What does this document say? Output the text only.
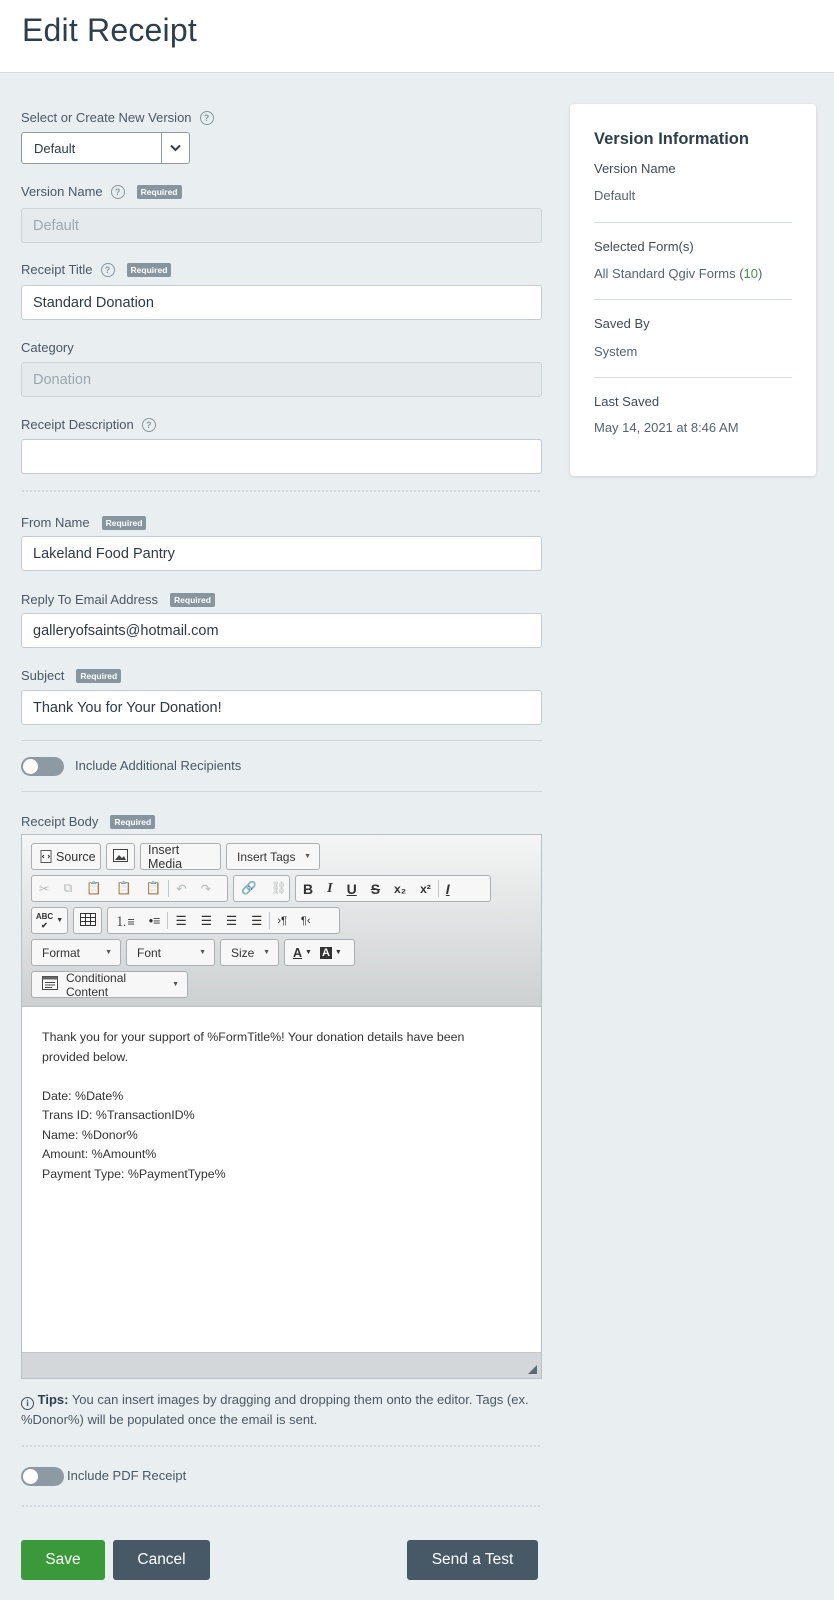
Edit Receipt
Select or Create New Version	?
Default
Version Name	?	Required
Default
Receipt Title	?	Required
Standard Donation
Category
Donation
Receipt Description	?
From Name	Required
Lakeland Food Pantry
Reply To Email Address	Required
galleryofsaints@hotmail.com
Subject	Required
Thank You for Your Donation!
Include Additional Recipients
Receipt Body	Required
Source	Insert Media	Insert Tags ▼
✂	⧉	📋	📋	📋	↶	↷	🔗	⛓	B	I	U	S	x₂	x²	I
ABC
✔	▼	⒈≡	•≡	☰	☰	☰	☰	›¶	¶‹
Format	▼ Font	▼ Size ▼ A ▼ A ▼
Conditional Content	▼
Thank you for your support of %FormTitle%! Your donation details have been provided below.

Date: %Date%
Trans ID: %TransactionID%
Name: %Donor%
Amount: %Amount%
Payment Type: %PaymentType%
i Tips: You can insert images by dragging and dropping them onto the editor. Tags (ex. %Donor%) will be populated once the email is sent.
Include PDF Receipt
Save	Cancel	Send a Test
Version Information
Version Name
Default
Selected Form(s)
All Standard Qgiv Forms (10)
Saved By
System
Last Saved
May 14, 2021 at 8:46 AM
